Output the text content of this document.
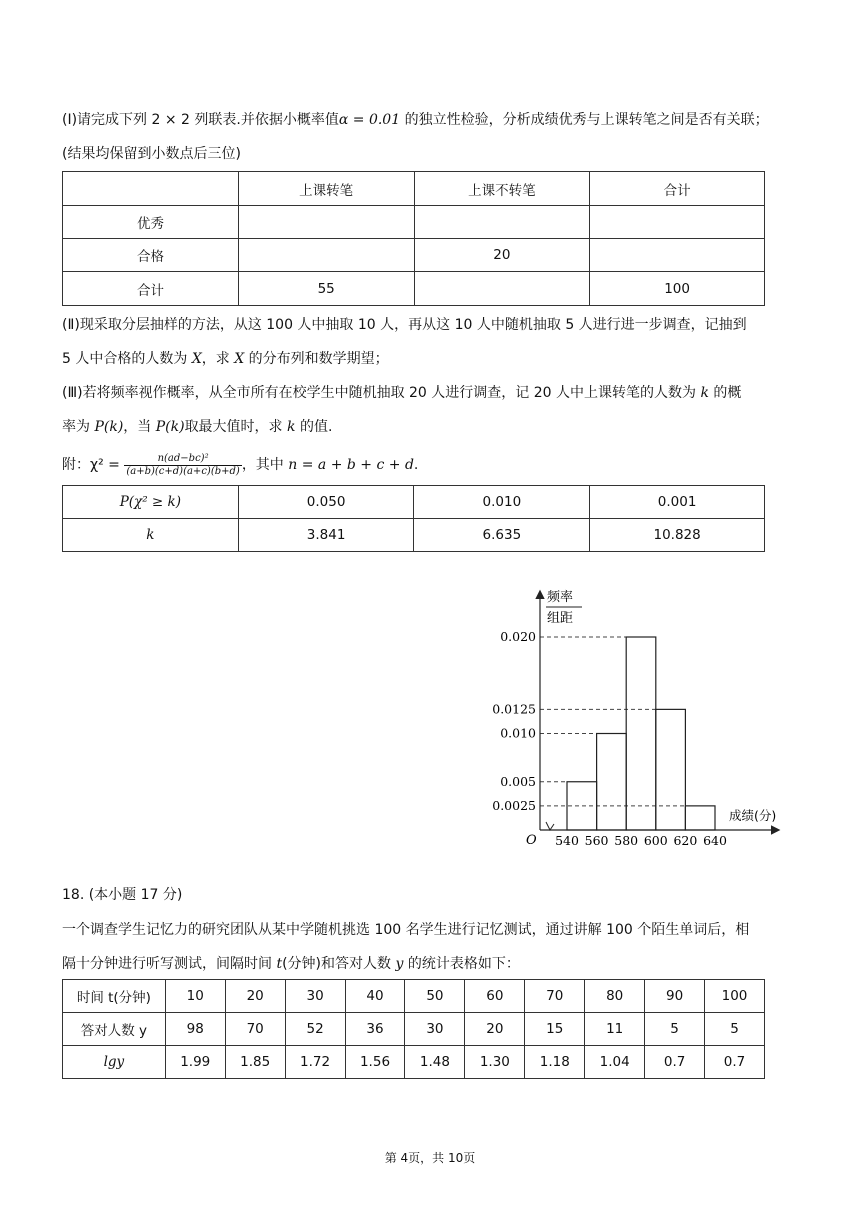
(Ⅰ)请完成下列 2 × 2 列联表.并依据小概率值α = 0.01 的独立性检验，分析成绩优秀与上课转笔之间是否有关联；
(结果均保留到小数点后三位)
	上课转笔	上课不转笔	合计
优秀			
合格		20	
合计	55		100
(Ⅱ)现采取分层抽样的方法，从这 100 人中抽取 10 人，再从这 10 人中随机抽取 5 人进行进一步调查，记抽到
5 人中合格的人数为 X，求 X 的分布列和数学期望；
(Ⅲ)若将频率视作概率，从全市所有在校学生中随机抽取 20 人进行调查，记 20 人中上课转笔的人数为 k 的概
率为 P(k)，当 P(k)取最大值时，求 k 的值.
附：$\chi^2 = \frac{\text{n(ad−bc)²}}{(a+b)(c+d)(a+c)(b+d)}$ ，其中 n = a + b + c + d.
P(χ² ≥ k)	0.050	0.010	0.001
k	3.841	6.635	10.828
频率
组距
O
成绩(分)
0.0025
0.005
0.010
0.0125
0.020
540 560 580 600 620 640
18. (本小题 17 分)
一个调查学生记忆力的研究团队从某中学随机挑选 100 名学生进行记忆测试，通过讲解 100 个陌生单词后，相
隔十分钟进行听写测试，间隔时间 t(分钟)和答对人数 y 的统计表格如下：
时间 t(分钟)	10	20	30	40	50	60	70	80	90	100
答对人数 y	98	70	52	36	30	20	15	11	5	5
lgy	1.99	1.85	1.72	1.56	1.48	1.30	1.18	1.04	0.7	0.7
第 4页，共 10页
